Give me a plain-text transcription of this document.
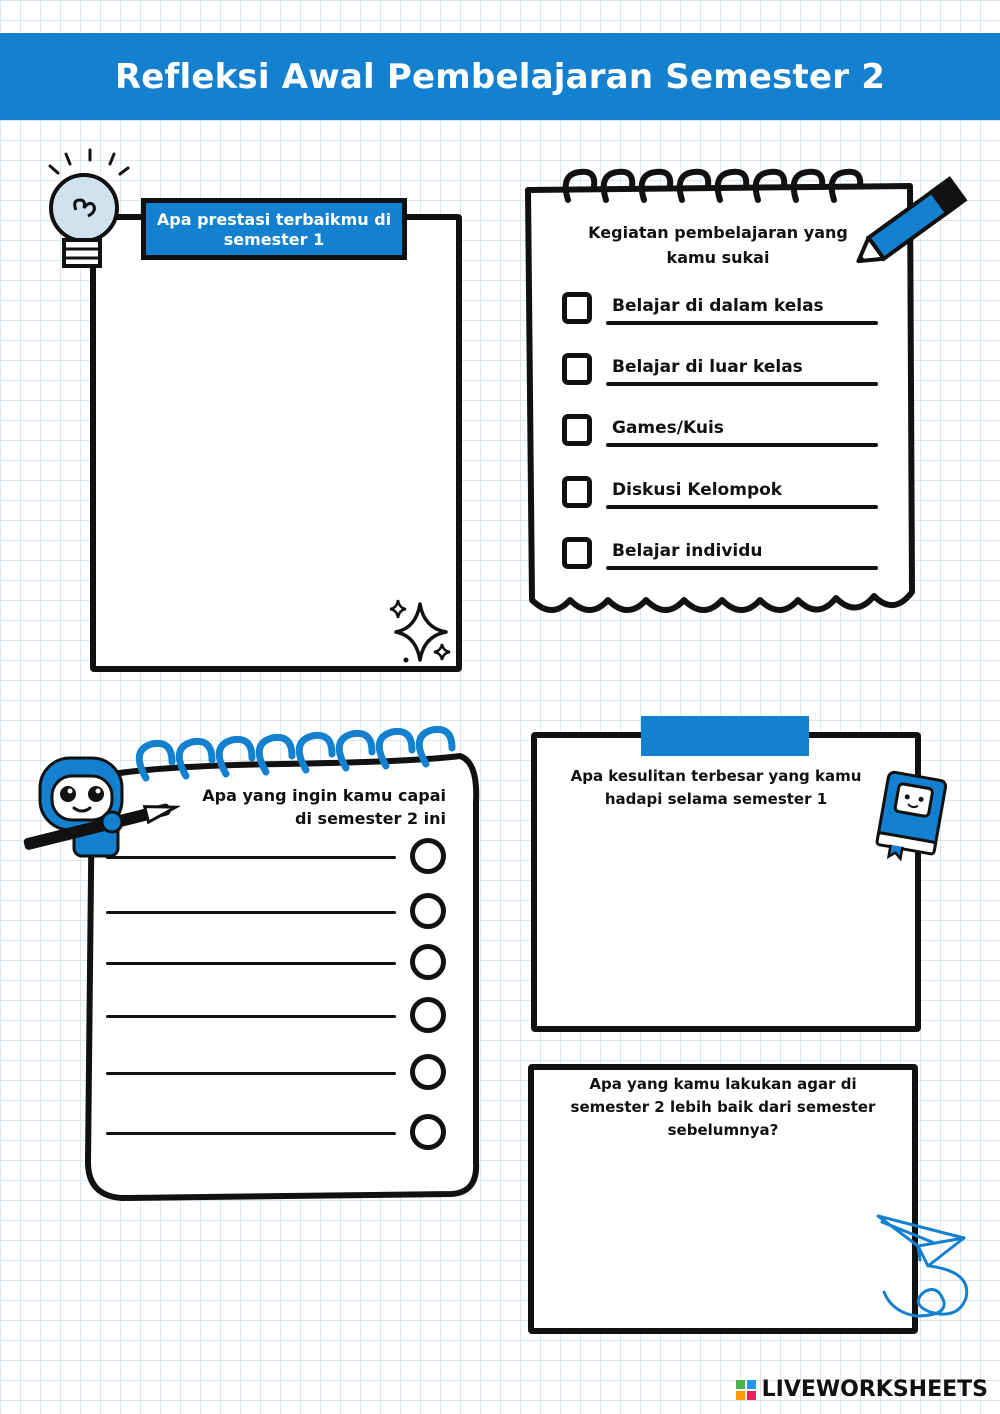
Refleksi Awal Pembelajaran Semester 2
Apa prestasi terbaikmu di semester 1	Kegiatan pembelajaran yang kamu sukai
Belajar di dalam kelas
Belajar di luar kelas
Games/Kuis
Diskusi Kelompok
Belajar individu
Apa yang ingin kamu capai di semester 2 ini
Apa kesulitan terbesar yang kamu hadapi selama semester 1
Apa yang kamu lakukan agar di semester 2 lebih baik dari semester sebelumnya?
LIVEWORKSHEETS
